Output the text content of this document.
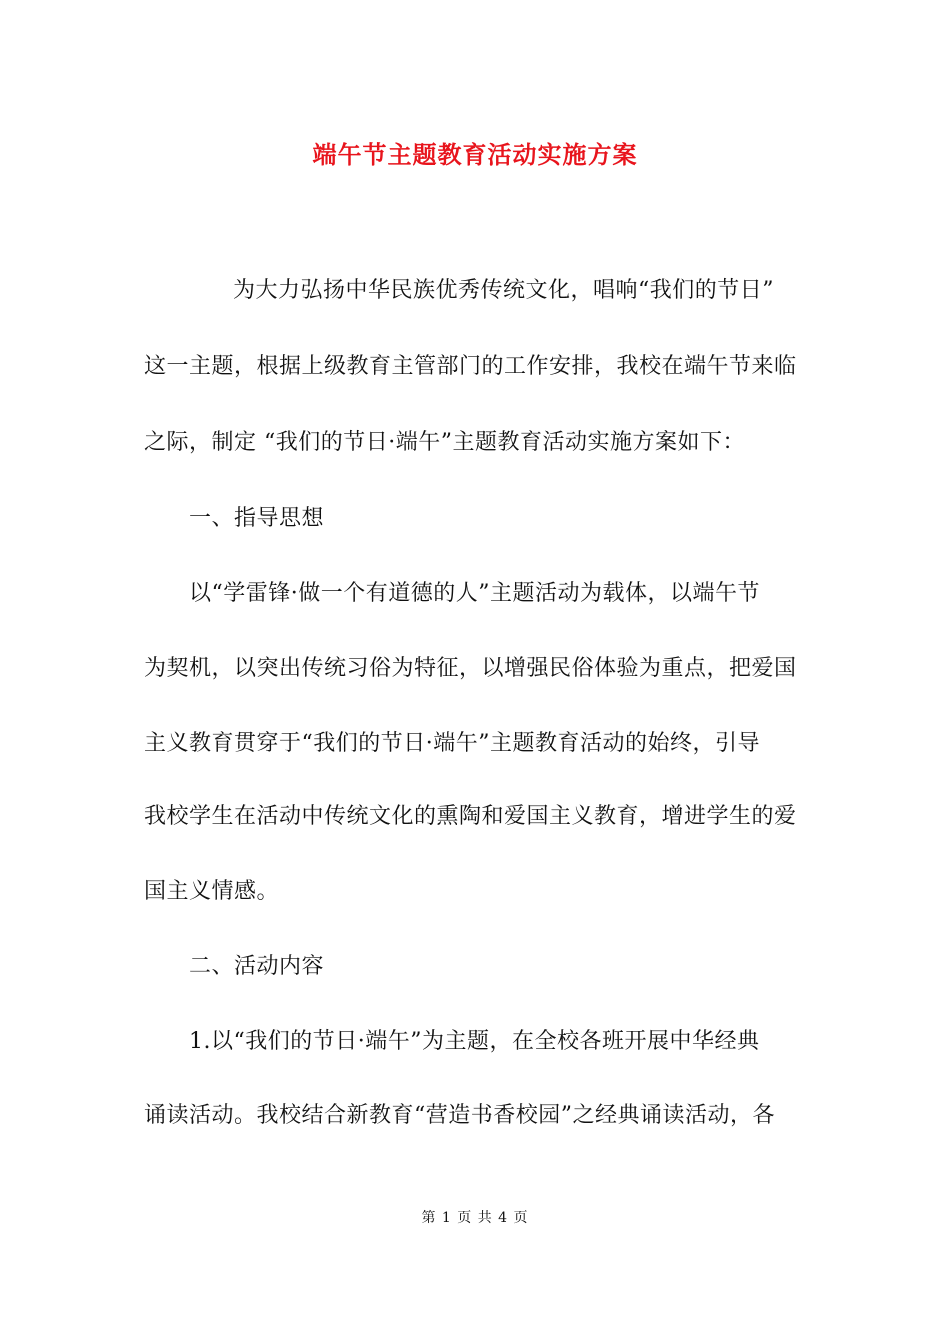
端午节主题教育活动实施方案
为大力弘扬中华民族优秀传统文化，唱响“我们的节日”
这一主题，根据上级教育主管部门的工作安排，我校在端午节来临
之际，制定 “我们的节日·端午”主题教育活动实施方案如下：
一、指导思想
以“学雷锋·做一个有道德的人”主题活动为载体，以端午节
为契机，以突出传统习俗为特征，以增强民俗体验为重点，把爱国
主义教育贯穿于“我们的节日·端午”主题教育活动的始终，引导
我校学生在活动中传统文化的熏陶和爱国主义教育，增进学生的爱
国主义情感。
二、活动内容
1.以“我们的节日·端午”为主题，在全校各班开展中华经典
诵读活动。我校结合新教育“营造书香校园”之经典诵读活动，各
第 1 页 共 4 页
